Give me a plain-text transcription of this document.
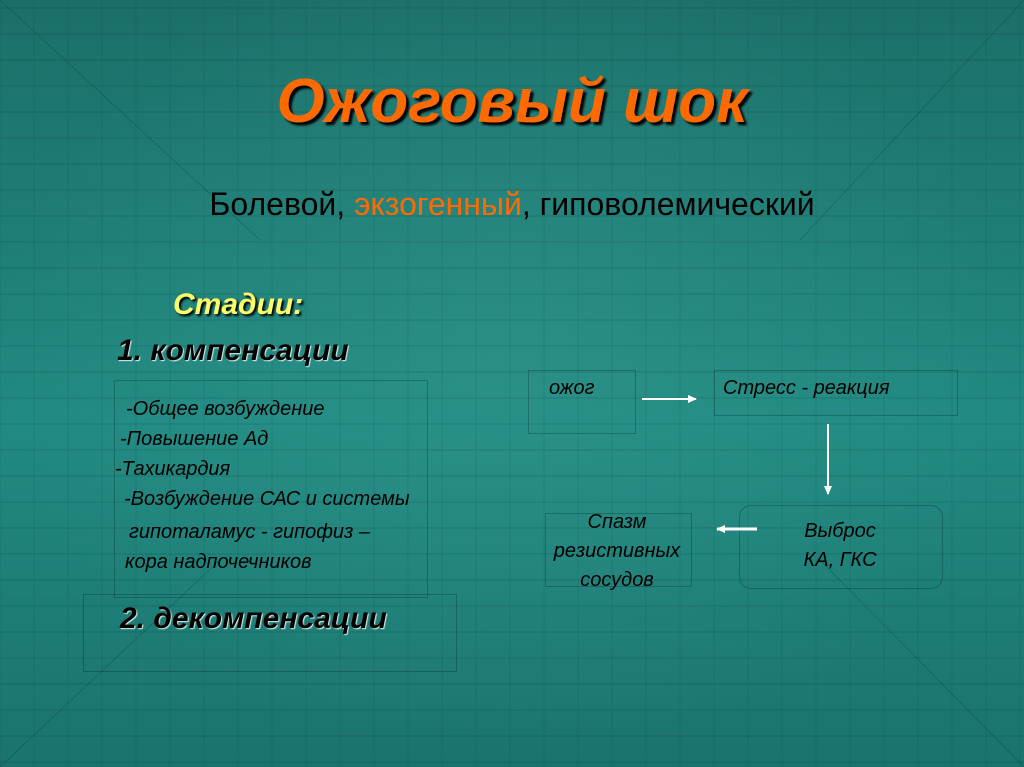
Ожоговый шок
Болевой, экзогенный, гиповолемический
Стадии:
1. компенсации
-Общее возбуждение
-Повышение Ад
-Тахикардия
-Возбуждение САС и системы
гипоталамус - гипофиз –
кора надпочечников
2. декомпенсации
ожог	Стресс - реакция
Выброс
КА, ГКС
Спазм
резистивных
сосудов
